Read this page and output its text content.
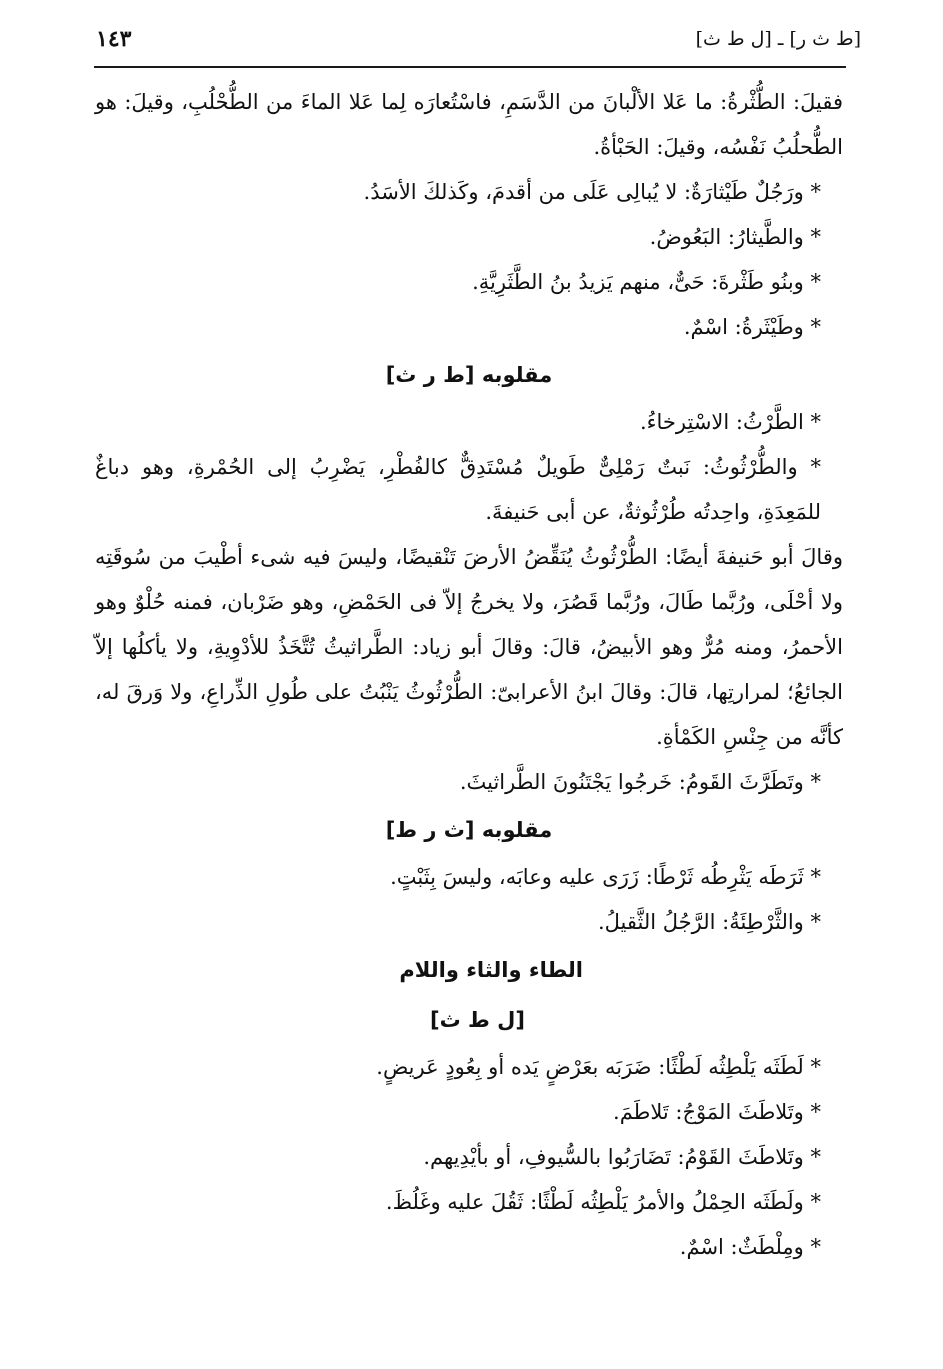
[ط ث ر] ـ [ل ط ث]
١٤٣

فقيلَ: الطُّثْرةُ: ما عَلا الألْبانَ من الدَّسَمِ، فاسْتُعارَه لِما عَلا الماءَ من الطُّحْلُبِ، وقيلَ: هو الطُّحلُبُ نَفْسُه، وقيلَ: الحَبْأةُ.

* ورَجُلٌ طَيْثارَةٌ: لا يُبالِى عَلَى من أقدمَ، وكَذلكَ الأسَدُ.

* والطَّيثارُ: البَعُوضُ.

* وبنُو طَثْرةَ: حَىٌّ، منهم يَزيدُ بنُ الطَّثَرِيَّةِ.

* وطَيْثَرةُ: اسْمٌ.

مقلوبه [ط ر ث]

* الطَّرْثُ: الاسْتِرخاءُ.

* والطُّرْثُوثُ: نَبتٌ رَمْلِىٌّ طَويلٌ مُسْتَدِقٌّ كالفُطْرِ، يَضْرِبُ إلى الحُمْرةِ، وهو دباغٌ للمَعِدَةِ، واحِدتُه طُرْثُوثةٌ، عن أبى حَنيفةَ.

وقالَ أبو حَنيفةَ أيضًا: الطُّرْثُوثُ يُنَقِّضُ الأرضَ تَنْقيضًا، وليسَ فيه شىء أطْيبَ من سُوقَتِه ولا أحْلَى، ورُبَّما طَالَ، ورُبَّما قَصُرَ، ولا يخرجُ إلاّ فى الحَمْضِ، وهو ضَرْبان، فمنه حُلْوٌ وهو الأحمرُ، ومنه مُرٌّ وهو الأبيضُ، قالَ: وقالَ أبو زياد: الطَّراثيثُ تُتَّخَذُ للأدْوِيةِ، ولا يأكلُها إلاّ الجائعُ؛ لمرارتِها، قالَ: وقالَ ابنُ الأعرابىّ: الطُّرْثُوثُ يَنْبُتُ على طُولِ الذِّراعِ، ولا وَرقَ له، كأنَّه من جِنْسِ الكَمْأةِ.

* وتَطَرَّثَ القَومُ: خَرجُوا يَجْتَنُونَ الطَّراثيثَ.

مقلوبه [ث ر ط]

* ثَرَطَه يَثْرِطُه ثَرْطًا: زَرَى عليه وعابَه، وليسَ بِثَبْتٍ.

* والثَّرْطِئَةُ: الرَّجُلُ الثَّقيلُ.

الطاء والثاء واللام

[ل ط ث]

* لَطَثَه يَلْطِثُه لَطْثًا: ضَرَبَه بعَرْضٍ يَده أو بِعُودٍ عَريضٍ.

* وتَلاطَثَ المَوْجُ: تَلاطَمَ.

* وتَلاطَثَ القَوْمُ: تَضَارَبُوا بالسُّيوفِ، أو بأيْدِيهم.

* ولَطَثَه الحِمْلُ والأمرُ يَلْطِثُه لَطْثًا: ثَقُلَ عليه وغَلُظَ.

* ومِلْطَثٌ: اسْمٌ.
